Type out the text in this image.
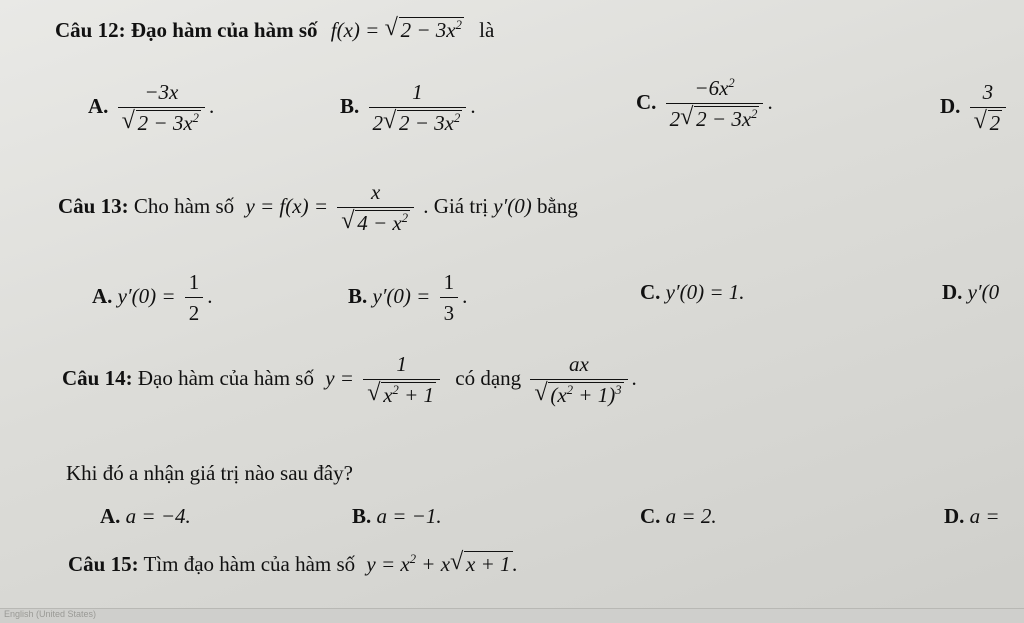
Câu 12: Đạo hàm của hàm số f(x) = √ $2 - 3x^2$ là
A. $\frac{-3x}{√ 2 - 3x^2}$ .	B. $\frac{1}{2 √ 2 - 3x^2}$ .	C. $\frac{-6x^2}{2 √ 2 - 3x^2}$ .	D. $\frac{3}{√ 2}$
Câu 13: Cho hàm số $y = f(x) = \frac{x}{√ 4 - x^2}$ . Giá trị y′(0) bằng
A. $y'(0) = \frac{1}{2}$ .	B. $y'(0) = \frac{1}{3}$ .	C. y′(0) = 1.	D. y′(0
Câu 14: Đạo hàm của hàm số $y = \frac{1}{√ x^2 + 1}$ có dạng $\frac{ax}{√ (x^2 + 1)^3}$ .
Khi đó a nhận giá trị nào sau đây?
A. a = −4.	B. a = −1.	C. a = 2.	D. a =
Câu 15: Tìm đạo hàm của hàm số $y = x^2 + x$ √ x + 1.
English (United States)
